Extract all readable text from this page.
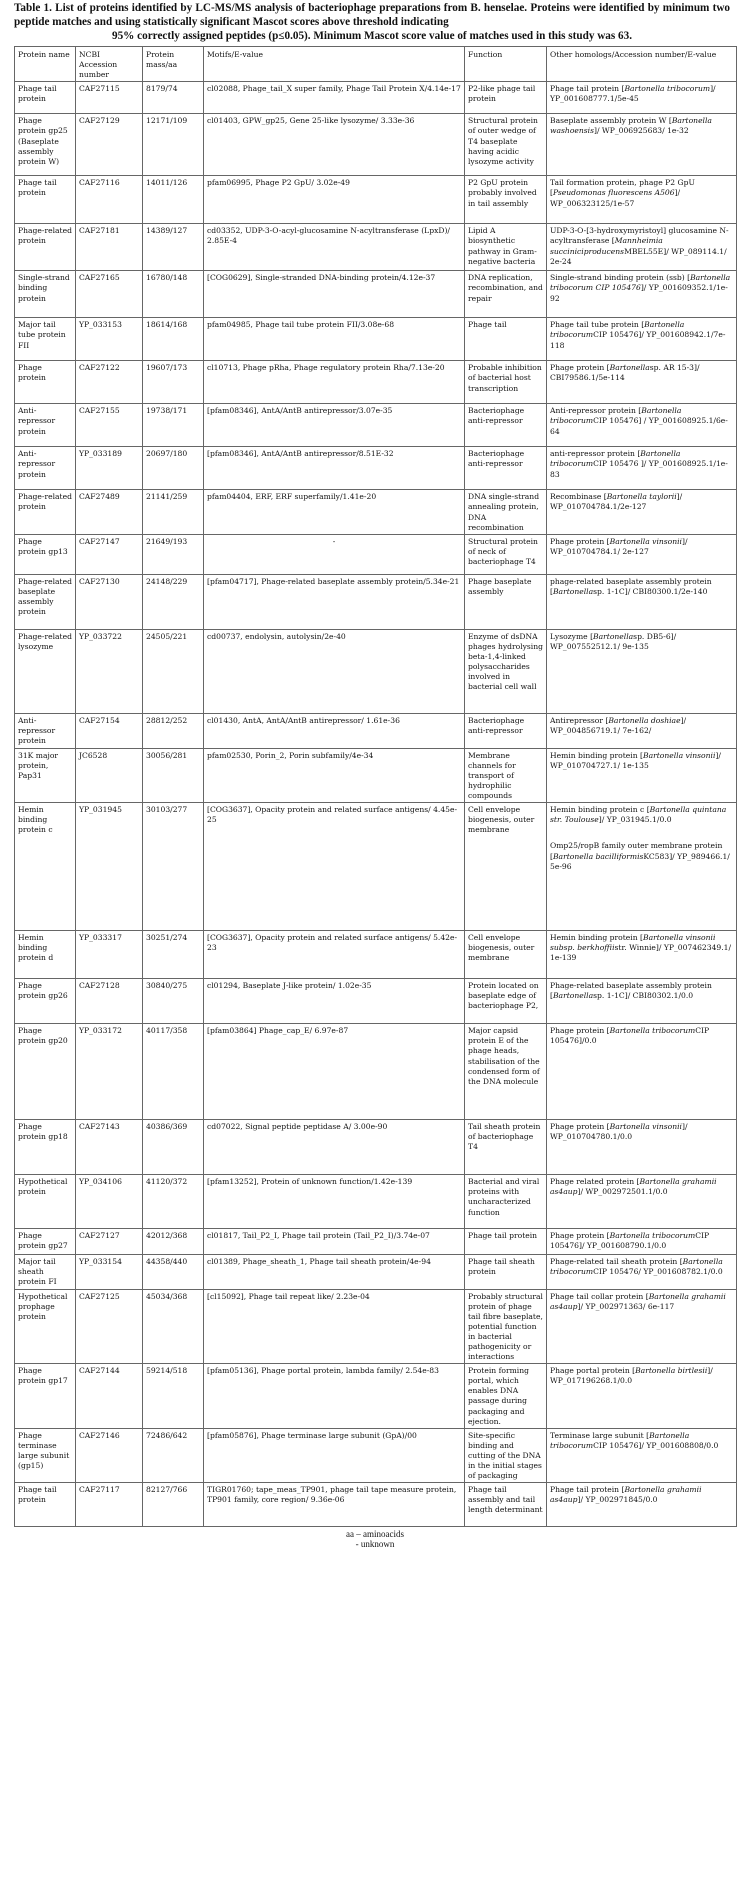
Table 1. List of proteins identified by LC-MS/MS analysis of bacteriophage preparations from B. henselae. Proteins were identified by minimum two peptide matches and using statistically significant Mascot scores above threshold indicating
95% correctly assigned peptides (p≤0.05). Minimum Mascot score value of matches used in this study was 63.
Protein name	NCBI Accession number	Protein mass/aa	Motifs/E-value	Function	Other homologs/Accession number/E-value
Phage tail protein	CAF27115	8179/74	cl02088, Phage_tail_X super family, Phage Tail Protein X/4.14e-17	P2-like phage tail protein	Phage tail protein [Bartonella tribocorum]/ YP_001608777.1/5e-45
Phage protein gp25 (Baseplate assembly protein W)	CAF27129	12171/109	cl01403, GPW_gp25, Gene 25-like lysozyme/ 3.33e-36	Structural protein of outer wedge of T4 baseplate having acidic lysozyme activity	Baseplate assembly protein W [Bartonella washoensis]/ WP_006925683/ 1e-32
Phage tail protein	CAF27116	14011/126	pfam06995, Phage P2 GpU/ 3.02e-49	P2 GpU protein probably involved in tail assembly	Tail formation protein, phage P2 GpU [Pseudomonas fluorescens A506]/ WP_006323125/1e-57
Phage-related protein	CAF27181	14389/127	cd03352, UDP-3-O-acyl-glucosamine N-acyltransferase (LpxD)/ 2.85E-4	Lipid A biosynthetic pathway in Gram-negative bacteria	UDP-3-O-[3-hydroxymyristoyl] glucosamine N-acyltransferase [Mannheimia succiniciproducensMBEL55E]/ WP_089114.1/ 2e-24
Single-strand binding protein	CAF27165	16780/148	[COG0629], Single-stranded DNA-binding protein/4.12e-37	DNA replication, recombination, and repair	Single-strand binding protein (ssb) [Bartonella tribocorum CIP 105476]/ YP_001609352.1/1e-92
Major tail tube protein FII	YP_033153	18614/168	pfam04985, Phage tail tube protein FII/3.08e-68	Phage tail	Phage tail tube protein [Bartonella tribocorumCIP 105476]/ YP_001608942.1/7e-118
Phage protein	CAF27122	19607/173	cl10713, Phage pRha, Phage regulatory protein Rha/7.13e-20	Probable inhibition of bacterial host transcription	Phage protein [Bartonellasp. AR 15-3]/ CBI79586.1/5e-114
Anti-repressor protein	CAF27155	19738/171	[pfam08346], AntA/AntB antirepressor/3.07e-35	Bacteriophage anti-repressor	Anti-repressor protein [Bartonella tribocorumCIP 105476] / YP_001608925.1/6e-64
Anti-repressor protein	YP_033189	20697/180	[pfam08346], AntA/AntB antirepressor/8.51E-32	Bacteriophage anti-repressor	anti-repressor protein [Bartonella tribocorumCIP 105476 ]/ YP_001608925.1/1e-83
Phage-related protein	CAF27489	21141/259	pfam04404, ERF, ERF superfamily/1.41e-20	DNA single-strand annealing protein, DNA recombination	Recombinase [Bartonella taylorii]/ WP_010704784.1/2e-127
Phage protein gp13	CAF27147	21649/193	-	Structural protein of neck of bacteriophage T4	Phage protein [Bartonella vinsonii]/ WP_010704784.1/ 2e-127
Phage-related baseplate assembly protein	CAF27130	24148/229	[pfam04717], Phage-related baseplate assembly protein/5.34e-21	Phage baseplate assembly	phage-related baseplate assembly protein [Bartonellasp. 1-1C]/ CBI80300.1/2e-140
Phage-related lysozyme	YP_033722	24505/221	cd00737, endolysin, autolysin/2e-40	Enzyme of dsDNA phages hydrolysing beta-1,4-linked polysaccharides involved in bacterial cell wall	Lysozyme [Bartonellasp. DB5-6]/ WP_007552512.1/ 9e-135
Anti-repressor protein	CAF27154	28812/252	cl01430, AntA, AntA/AntB antirepressor/ 1.61e-36	Bacteriophage anti-repressor	Antirepressor [Bartonella doshiae]/ WP_004856719.1/ 7e-162/
31K major protein, Pap31	JC6528	30056/281	pfam02530, Porin_2, Porin subfamily/4e-34	Membrane channels for transport of hydrophilic compounds	Hemin binding protein [Bartonella vinsonii]/ WP_010704727.1/ 1e-135
Hemin binding protein c	YP_031945	30103/277	[COG3637], Opacity protein and related surface antigens/ 4.45e-25	Cell envelope biogenesis, outer membrane	Hemin binding protein c [Bartonella quintana str. Toulouse]/ YP_031945.1/0.0
Omp25/ropB family outer membrane protein [Bartonella bacilliformisKC583]/ YP_989466.1/ 5e-96

Hemin binding protein d	YP_033317	30251/274	[COG3637], Opacity protein and related surface antigens/ 5.42e-23	Cell envelope biogenesis, outer membrane	Hemin binding protein [Bartonella vinsonii subsp. berkhoffiistr. Winnie]/ YP_007462349.1/ 1e-139
Phage protein gp26	CAF27128	30840/275	cl01294, Baseplate J-like protein/ 1.02e-35	Protein located on baseplate edge of bacteriophage P2,	Phage-related baseplate assembly protein [Bartonellasp. 1-1C]/ CBI80302.1/0.0
Phage protein gp20	YP_033172	40117/358	[pfam03864] Phage_cap_E/ 6.97e-87	Major capsid protein E of the phage heads, stabilisation of the condensed form of the DNA molecule	Phage protein [Bartonella tribocorumCIP 105476]/0.0
Phage protein gp18	CAF27143	40386/369	cd07022, Signal peptide peptidase A/ 3.00e-90	Tail sheath protein of bacteriophage T4	Phage protein [Bartonella vinsonii]/ WP_010704780.1/0.0
Hypothetical protein	YP_034106	41120/372	[pfam13252], Protein of unknown function/1.42e-139	Bacterial and viral proteins with uncharacterized function	Phage related protein [Bartonella grahamii as4aup]/ WP_002972501.1/0.0
Phage protein gp27	CAF27127	42012/368	cl01817, Tail_P2_I, Phage tail protein (Tail_P2_I)/3.74e-07	Phage tail protein	Phage protein [Bartonella tribocorumCIP 105476]/ YP_001608790.1/0.0
Major tail sheath protein FI	YP_033154	44358/440	cl01389, Phage_sheath_1, Phage tail sheath protein/4e-94	Phage tail sheath protein	Phage-related tail sheath protein [Bartonella tribocorumCIP 105476/ YP_001608782.1/0.0
Hypothetical prophage protein	CAF27125	45034/368	[cl15092], Phage tail repeat like/ 2.23e-04	Probably structural protein of phage tail fibre baseplate, potential function in bacterial pathogenicity or interactions	Phage tail collar protein [Bartonella grahamii as4aup]/ YP_002971363/ 6e-117
Phage protein gp17	CAF27144	59214/518	[pfam05136], Phage portal protein, lambda family/ 2.54e-83	Protein forming portal, which enables DNA passage during packaging and ejection.	Phage portal protein [Bartonella birtlesii]/ WP_017196268.1/0.0
Phage terminase large subunit (gp15)	CAF27146	72486/642	[pfam05876], Phage terminase large subunit (GpA)/00	Site-specific binding and cutting of the DNA in the initial stages of packaging	Terminase large subunit [Bartonella tribocorumCIP 105476]/ YP_001608808/0.0
Phage tail protein	CAF27117	82127/766	TIGR01760; tape_meas_TP901, phage tail tape measure protein, TP901 family, core region/ 9.36e-06	Phage tail assembly and tail length determinant	Phage tail protein [Bartonella grahamii as4aup]/ YP_002971845/0.0
aa – aminoacids
- unknown
